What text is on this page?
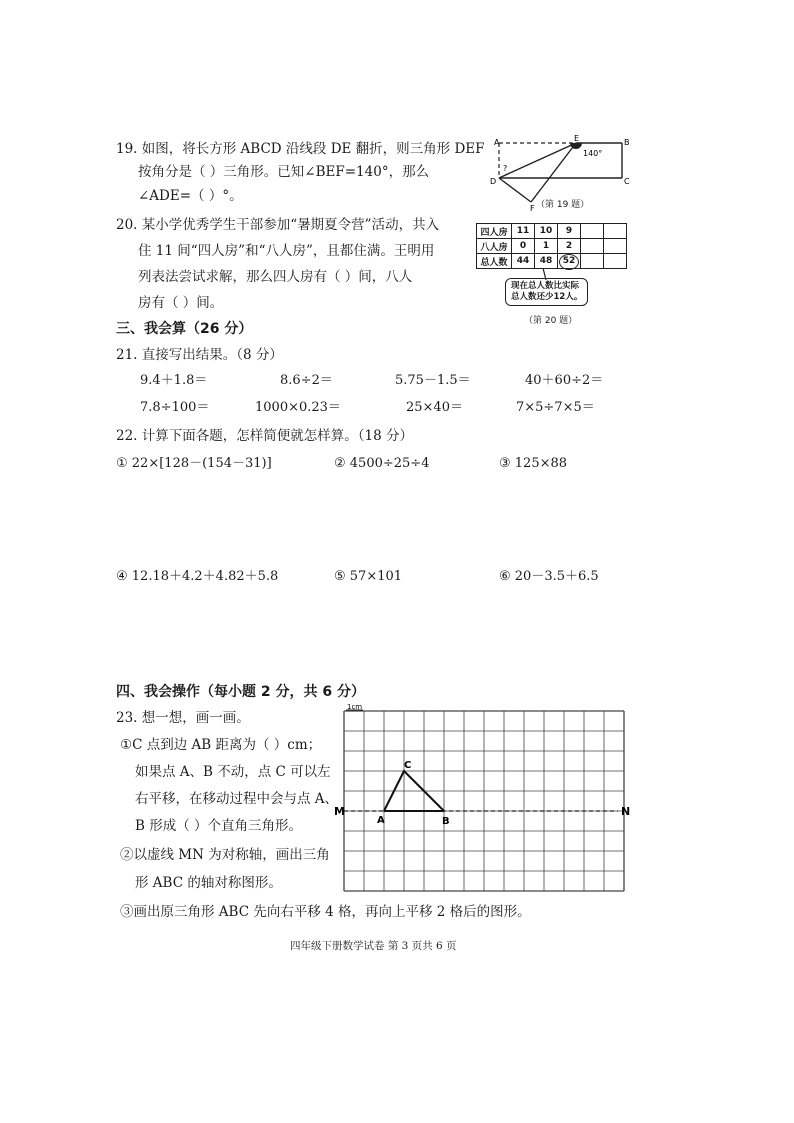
19. 如图，将长方形 ABCD 沿线段 DE 翻折，则三角形 DEF
按角分是（ ）三角形。已知∠BEF=140°，那么
∠ADE=（ ）°。
A	E	B
D	C
F
?
140°
（第 19 题）
20. 某小学优秀学生干部参加“暑期夏令营”活动，共入
住 11 间“四人房”和“八人房”，且都住满。王明用
列表法尝试求解，那么四人房有（ ）间，八人
房有（ ）间。
四人房	11	10	9		
八人房	0	1	2		
总人数	44	48	52

现在总人数比实际
总人数还少12人。
（第 20 题）
三、我会算（26 分）
21. 直接写出结果。（8 分）
9.4＋1.8＝	8.6÷2＝	5.75－1.5＝	40＋60÷2＝
7.8÷100＝	1000×0.23＝	25×40＝	7×5÷7×5＝
22. 计算下面各题，怎样简便就怎样算。（18 分）
① 22×[128－(154－31)]	② 4500÷25÷4	③ 125×88
④ 12.18＋4.2＋4.82＋5.8	⑤ 57×101	⑥ 20－3.5＋6.5
四、我会操作（每小题 2 分，共 6 分）
23. 想一想，画一画。
①C 点到边 AB 距离为（ ）cm；
如果点 A、B 不动，点 C 可以左
右平移，在移动过程中会与点 A、
B 形成（ ）个直角三角形。
②以虚线 MN 为对称轴，画出三角
形 ABC 的轴对称图形。
③画出原三角形 ABC 先向右平移 4 格，再向上平移 2 格后的图形。
1cm
M	N
A	B
C
四年级下册数学试卷 第 3 页共 6 页
